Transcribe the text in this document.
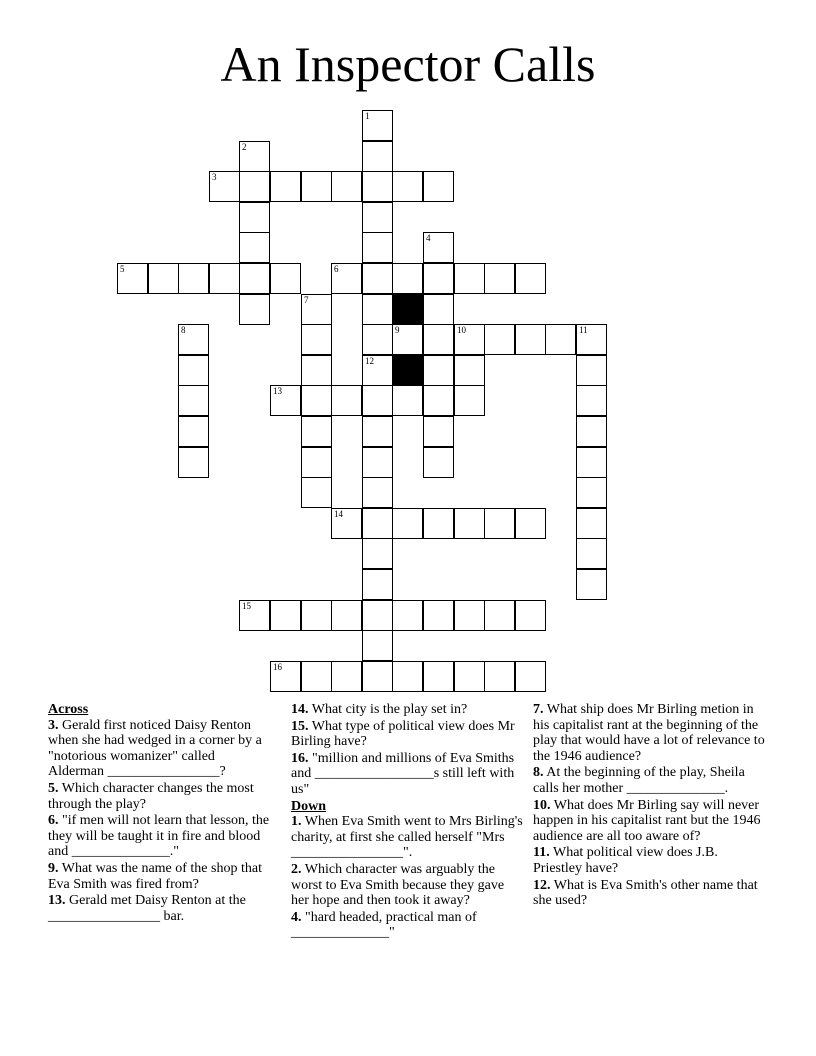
An Inspector Calls
1
2
3
4
5	6
7
8	9	10	11
12
13
14
15
16
Across
3. Gerald first noticed Daisy Renton when she had wedged in a corner by a "notorious womanizer" called Alderman ________________?
5. Which character changes the most through the play?
6. "if men will not learn that lesson, the they will be taught it in fire and blood and ______________."
9. What was the name of the shop that Eva Smith was fired from?
13. Gerald met Daisy Renton at the ________________ bar.
14. What city is the play set in?
15. What type of political view does Mr Birling have?
16. "million and millions of Eva Smiths and _________________s still left with us"
Down
1. When Eva Smith went to Mrs Birling's charity, at first she called herself "Mrs ________________".
2. Which character was arguably the worst to Eva Smith because they gave her hope and then took it away?
4. "hard headed, practical man of ______________"
7. What ship does Mr Birling metion in his capitalist rant at the beginning of the play that would have a lot of relevance to the 1946 audience?
8. At the beginning of the play, Sheila calls her mother ______________.
10. What does Mr Birling say will never happen in his capitalist rant but the 1946 audience are all too aware of?
11. What political view does J.B. Priestley have?
12. What is Eva Smith's other name that she used?
